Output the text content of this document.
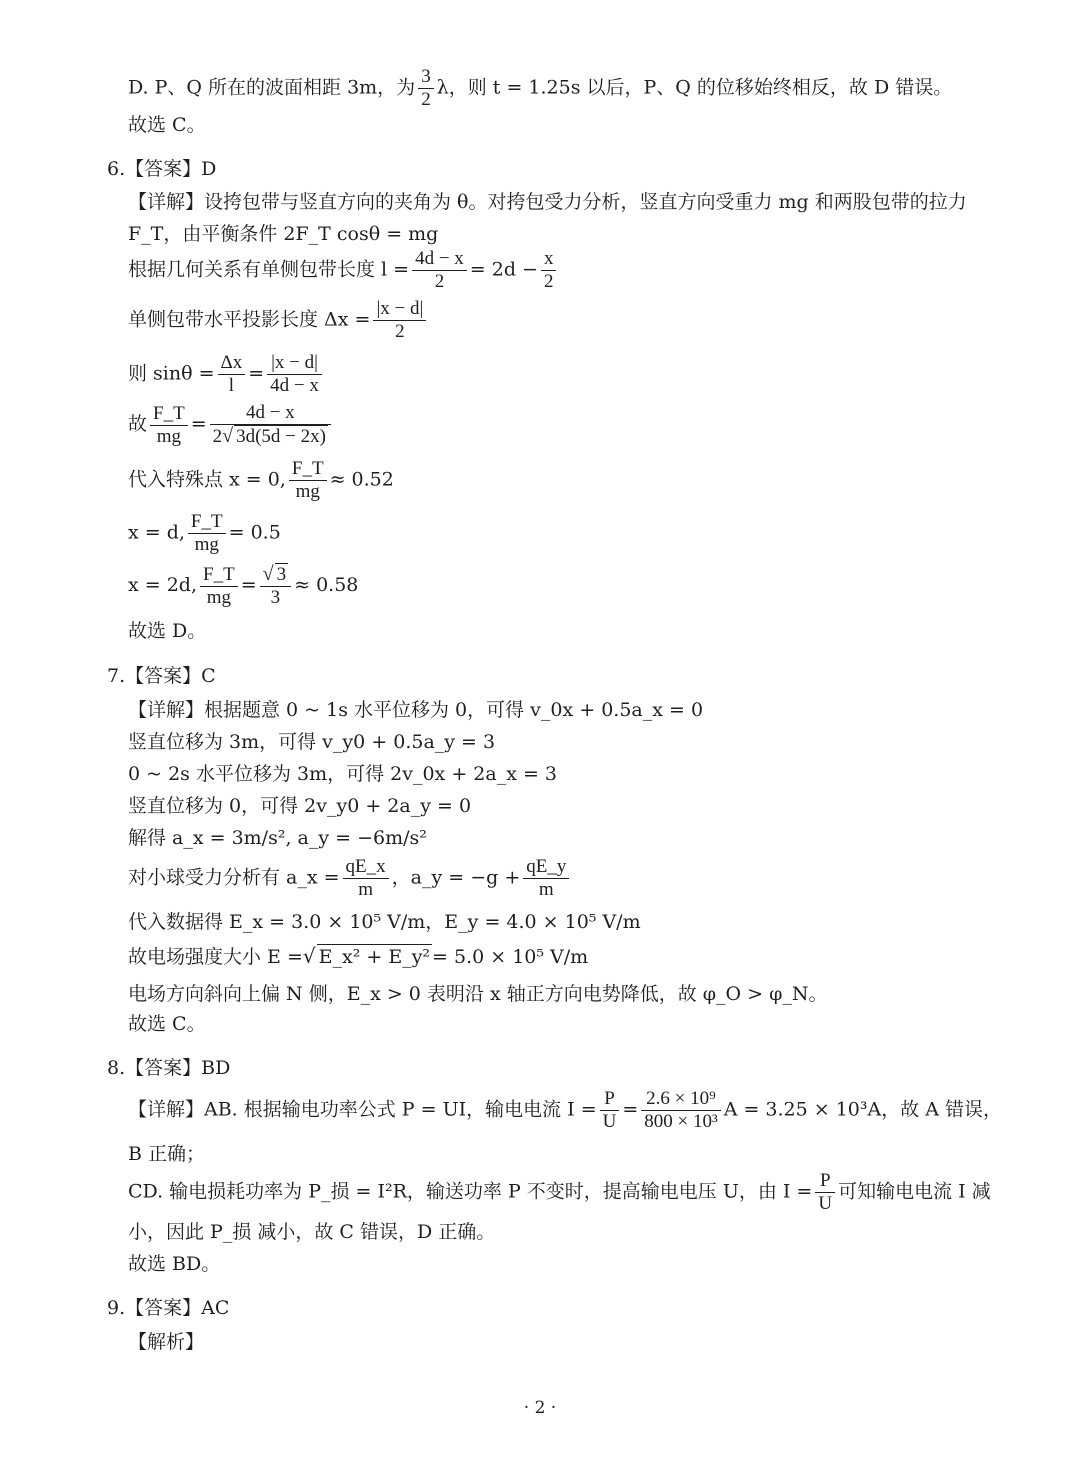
D. P、Q 所在的波面相距 3m，为 $\frac{3}{2}$ λ，则 t = 1.25s 以后，P、Q 的位移始终相反，故 D 错误。
故选 C。
6.【答案】D
【详解】设挎包带与竖直方向的夹角为 θ。对挎包受力分析，竖直方向受重力 mg 和两股包带的拉力
F_T，由平衡条件 2F_T cosθ = mg
根据几何关系有单侧包带长度 $l = \frac{4d - x}{2} = 2d - \frac{x}{2}$
单侧包带水平投影长度 $\Delta x = \frac{|x - d|}{2}$
则 $\sin\theta = \frac{\Delta x}{l} = \frac{|x - d|}{4d - x}$
故 $\frac{F\_T}{mg} = \frac{4d - x}{2√ 3d(5d - 2x)}$
代入特殊点 x = 0, $\frac{F\_T}{mg} \approx 0.52$
x = d, $\frac{F\_T}{mg} = 0.5$
x = 2d, $\frac{F\_T}{mg} = \frac{√ 3}{3} \approx 0.58$
故选 D。
7.【答案】C
【详解】根据题意 0 ~ 1s 水平位移为 0，可得 v_0x + 0.5a_x = 0
竖直位移为 3m，可得 v_y0 + 0.5a_y = 3
0 ~ 2s 水平位移为 3m，可得 2v_0x + 2a_x = 3
竖直位移为 0，可得 2v_y0 + 2a_y = 0
解得 a_x = 3m/s², a_y = −6m/s²
对小球受力分析有 a_x = $\frac{qE\_x}{m}$ ，a_y = $-g + \frac{qE\_y}{m}$
代入数据得 E_x = 3.0 × 10⁵ V/m，E_y = 4.0 × 10⁵ V/m
故电场强度大小 E =√ E_x² + E_y² = 5.0 × 10⁵ V/m
电场方向斜向上偏 N 侧，E_x > 0 表明沿 x 轴正方向电势降低，故 φ_O > φ_N。
故选 C。
8.【答案】BD
【详解】AB. 根据输电功率公式 P = UI，输电电流 $I = \frac{P}{U} = \frac{\text{2.6 × 10⁹}}{\text{800 × 10³}}$ A = 3.25 × 10³A，故 A 错误，
B 正确；
CD. 输电损耗功率为 P_损 = I²R，输送功率 P 不变时，提高输电电压 U，由 $I = \frac{P}{U}$ 可知输电电流 I 减
小，因此 P_损 减小，故 C 错误，D 正确。
故选 BD。
9.【答案】AC
【解析】
· 2 ·
